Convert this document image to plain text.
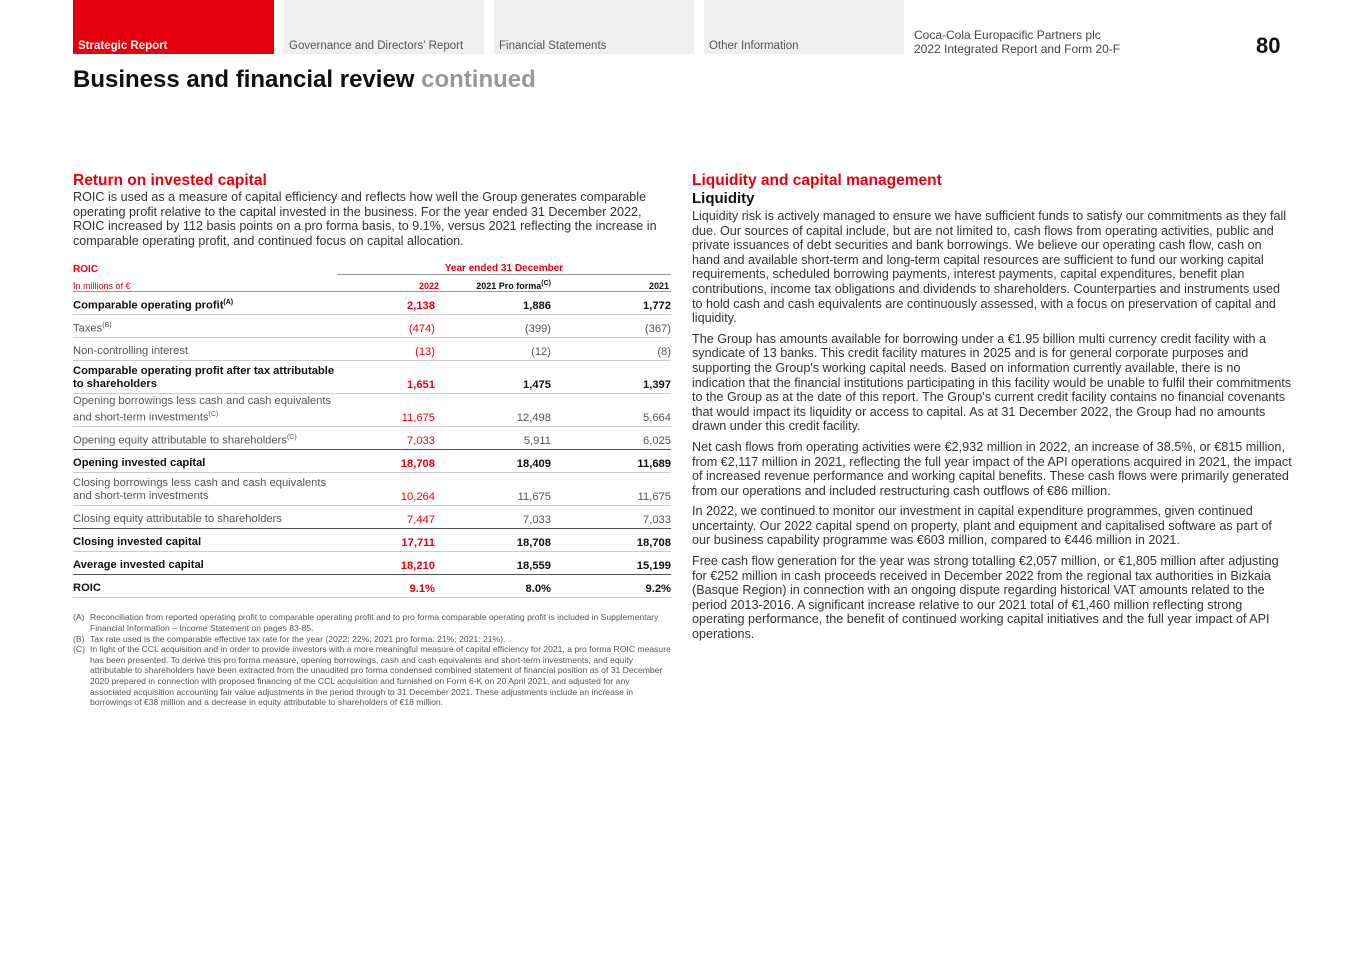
Strategic Report	Governance and Directors' Report	Financial Statements	Other Information
Coca-Cola Europacific Partners plc
2022 Integrated Report and Form 20-F	80
Business and financial review continued
Return on invested capital

ROIC is used as a measure of capital efficiency and reflects how well the Group generates comparable operating profit relative to the capital invested in the business. For the year ended 31 December 2022, ROIC increased by 112 basis points on a pro forma basis, to 9.1%, versus 2021 reflecting the increase in comparable operating profit, and continued focus on capital allocation.

ROIC	Year ended 31 December		
In millions of €	2022	2021 Pro forma$^{(C)}$	2021
Comparable operating profit$^{(A)}$	2,138	1,886	1,772
Taxes$^{(B)}$	(474)	(399)	(367)
Non-controlling interest	(13)	(12)	(8)
Comparable operating profit after tax attributable to shareholders	1,651	1,475	1,397
Opening borrowings less cash and cash equivalents and short-term investments$^{(C)}$	11,675	12,498	5,664
Opening equity attributable to shareholders$^{(C)}$	7,033	5,911	6,025
Opening invested capital	18,708	18,409	11,689
Closing borrowings less cash and cash equivalents and short-term investments	10,264	11,675	11,675
Closing equity attributable to shareholders	7,447	7,033	7,033
Closing invested capital	17,711	18,708	18,708
Average invested capital	18,210	18,559	15,199
ROIC	9.1%	8.0%	9.2%
(A) Reconciliation from reported operating profit to comparable operating profit and to pro forma comparable operating profit is included in Supplementary Financial Information – Income Statement on pages 83-85.
(B) Tax rate used is the comparable effective tax rate for the year (2022: 22%; 2021 pro forma: 21%; 2021: 21%).
(C) In light of the CCL acquisition and in order to provide investors with a more meaningful measure of capital efficiency for 2021, a pro forma ROIC measure has been presented. To derive this pro forma measure, opening borrowings, cash and cash equivalents and short-term investments, and equity attributable to shareholders have been extracted from the unaudited pro forma condensed combined statement of financial position as of 31 December 2020 prepared in connection with proposed financing of the CCL acquisition and furnished on Form 6-K on 20 April 2021, and adjusted for any associated acquisition accounting fair value adjustments in the period through to 31 December 2021. These adjustments include an increase in borrowings of €38 million and a decrease in equity attributable to shareholders of €18 million.
Liquidity and capital management
Liquidity

Liquidity risk is actively managed to ensure we have sufficient funds to satisfy our commitments as they fall due. Our sources of capital include, but are not limited to, cash flows from operating activities, public and private issuances of debt securities and bank borrowings. We believe our operating cash flow, cash on hand and available short-term and long-term capital resources are sufficient to fund our working capital requirements, scheduled borrowing payments, interest payments, capital expenditures, benefit plan contributions, income tax obligations and dividends to shareholders. Counterparties and instruments used to hold cash and cash equivalents are continuously assessed, with a focus on preservation of capital and liquidity.

The Group has amounts available for borrowing under a €1.95 billion multi currency credit facility with a syndicate of 13 banks. This credit facility matures in 2025 and is for general corporate purposes and supporting the Group's working capital needs. Based on information currently available, there is no indication that the financial institutions participating in this facility would be unable to fulfil their commitments to the Group as at the date of this report. The Group's current credit facility contains no financial covenants that would impact its liquidity or access to capital. As at 31 December 2022, the Group had no amounts drawn under this credit facility.

Net cash flows from operating activities were €2,932 million in 2022, an increase of 38.5%, or €815 million, from €2,117 million in 2021, reflecting the full year impact of the API operations acquired in 2021, the impact of increased revenue performance and working capital benefits. These cash flows were primarily generated from our operations and included restructuring cash outflows of €86 million.

In 2022, we continued to monitor our investment in capital expenditure programmes, given continued uncertainty. Our 2022 capital spend on property, plant and equipment and capitalised software as part of our business capability programme was €603 million, compared to €446 million in 2021.

Free cash flow generation for the year was strong totalling €2,057 million, or €1,805 million after adjusting for €252 million in cash proceeds received in December 2022 from the regional tax authorities in Bizkaia (Basque Region) in connection with an ongoing dispute regarding historical VAT amounts related to the period 2013-2016. A significant increase relative to our 2021 total of €1,460 million reflecting strong operating performance, the benefit of continued working capital initiatives and the full year impact of API operations.
